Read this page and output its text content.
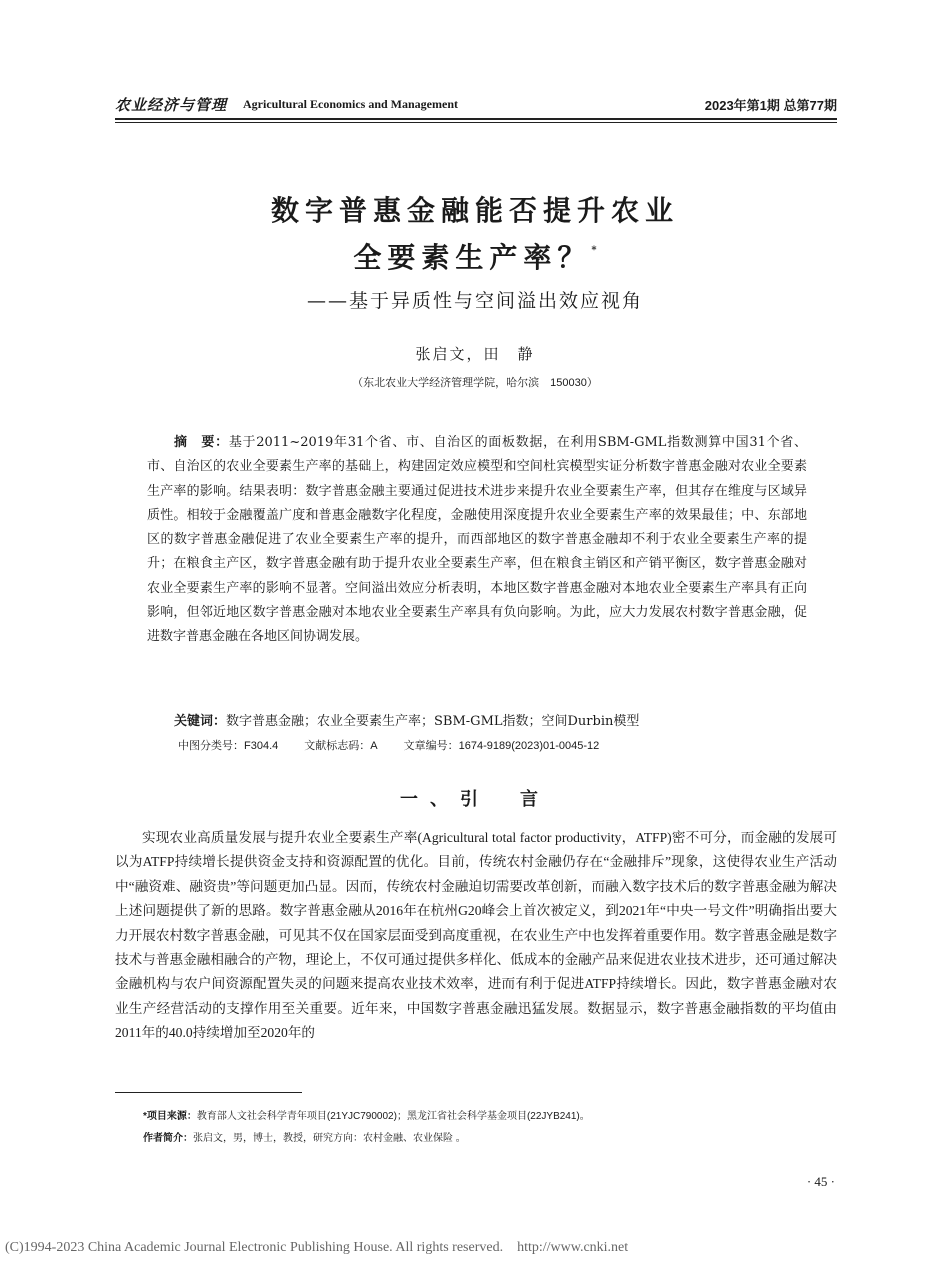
农业经济与管理 Agricultural Economics and Management	2023年第1期 总第77期
数字普惠金融能否提升农业
全要素生产率？*
——基于异质性与空间溢出效应视角
张启文，田　静
（东北农业大学经济管理学院，哈尔滨　150030）

摘　要：基于2011~2019年31个省、市、自治区的面板数据，在利用SBM-GML指数测算中国31个省、市、自治区的农业全要素生产率的基础上，构建固定效应模型和空间杜宾模型实证分析数字普惠金融对农业全要素生产率的影响。结果表明：数字普惠金融主要通过促进技术进步来提升农业全要素生产率，但其存在维度与区域异质性。相较于金融覆盖广度和普惠金融数字化程度，金融使用深度提升农业全要素生产率的效果最佳；中、东部地区的数字普惠金融促进了农业全要素生产率的提升，而西部地区的数字普惠金融却不利于农业全要素生产率的提升；在粮食主产区，数字普惠金融有助于提升农业全要素生产率，但在粮食主销区和产销平衡区，数字普惠金融对农业全要素生产率的影响不显著。空间溢出效应分析表明，本地区数字普惠金融对本地农业全要素生产率具有正向影响，但邻近地区数字普惠金融对本地农业全要素生产率具有负向影响。为此，应大力发展农村数字普惠金融，促进数字普惠金融在各地区间协调发展。

关键词：数字普惠金融；农业全要素生产率；SBM-GML指数；空间Durbin模型
中图分类号：F304.4 文献标志码：A 文章编号：1674-9189(2023)01-0045-12
一、引　言

实现农业高质量发展与提升农业全要素生产率(Agricultural total factor productivity，ATFP)密不可分，而金融的发展可以为ATFP持续增长提供资金支持和资源配置的优化。目前，传统农村金融仍存在“金融排斥”现象，这使得农业生产活动中“融资难、融资贵”等问题更加凸显。因而，传统农村金融迫切需要改革创新，而融入数字技术后的数字普惠金融为解决上述问题提供了新的思路。数字普惠金融从2016年在杭州G20峰会上首次被定义，到2021年“中央一号文件”明确指出要大力开展农村数字普惠金融，可见其不仅在国家层面受到高度重视，在农业生产中也发挥着重要作用。数字普惠金融是数字技术与普惠金融相融合的产物，理论上，不仅可通过提供多样化、低成本的金融产品来促进农业技术进步，还可通过解决金融机构与农户间资源配置失灵的问题来提高农业技术效率，进而有利于促进ATFP持续增长。因此，数字普惠金融对农业生产经营活动的支撑作用至关重要。近年来，中国数字普惠金融迅猛发展。数据显示，数字普惠金融指数的平均值由2011年的40.0持续增加至2020年的

*项目来源：教育部人文社会科学青年项目(21YJC790002)；黑龙江省社会科学基金项目(22JYB241)。
作者简介：张启文，男，博士，教授，研究方向：农村金融、农业保险 。
· 45 ·
(C)1994-2023 China Academic Journal Electronic Publishing House. All rights reserved.　http://www.cnki.net
